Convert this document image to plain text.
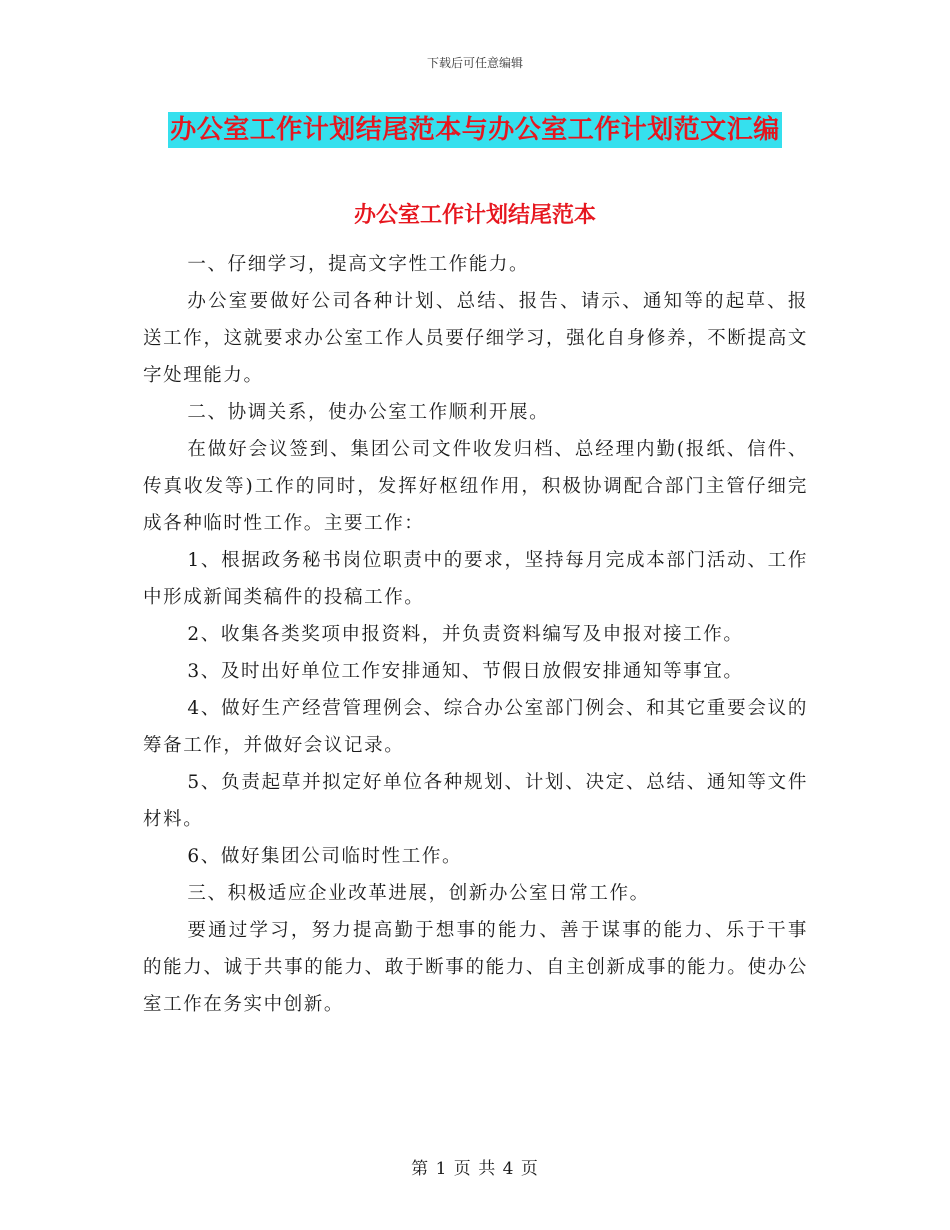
下载后可任意编辑
办公室工作计划结尾范本与办公室工作计划范文汇编
办公室工作计划结尾范本

一、仔细学习，提高文字性工作能力。

办公室要做好公司各种计划、总结、报告、请示、通知等的起草、报送工作，这就要求办公室工作人员要仔细学习，强化自身修养，不断提高文字处理能力。

二、协调关系，使办公室工作顺利开展。

在做好会议签到、集团公司文件收发归档、总经理内勤(报纸、信件、传真收发等)工作的同时，发挥好枢纽作用，积极协调配合部门主管仔细完成各种临时性工作。主要工作：

1、根据政务秘书岗位职责中的要求，坚持每月完成本部门活动、工作中形成新闻类稿件的投稿工作。

2、收集各类奖项申报资料，并负责资料编写及申报对接工作。

3、及时出好单位工作安排通知、节假日放假安排通知等事宜。

4、做好生产经营管理例会、综合办公室部门例会、和其它重要会议的筹备工作，并做好会议记录。

5、负责起草并拟定好单位各种规划、计划、决定、总结、通知等文件材料。

6、做好集团公司临时性工作。

三、积极适应企业改革进展，创新办公室日常工作。

要通过学习，努力提高勤于想事的能力、善于谋事的能力、乐于干事的能力、诚于共事的能力、敢于断事的能力、自主创新成事的能力。使办公室工作在务实中创新。

第 1 页 共 4 页
